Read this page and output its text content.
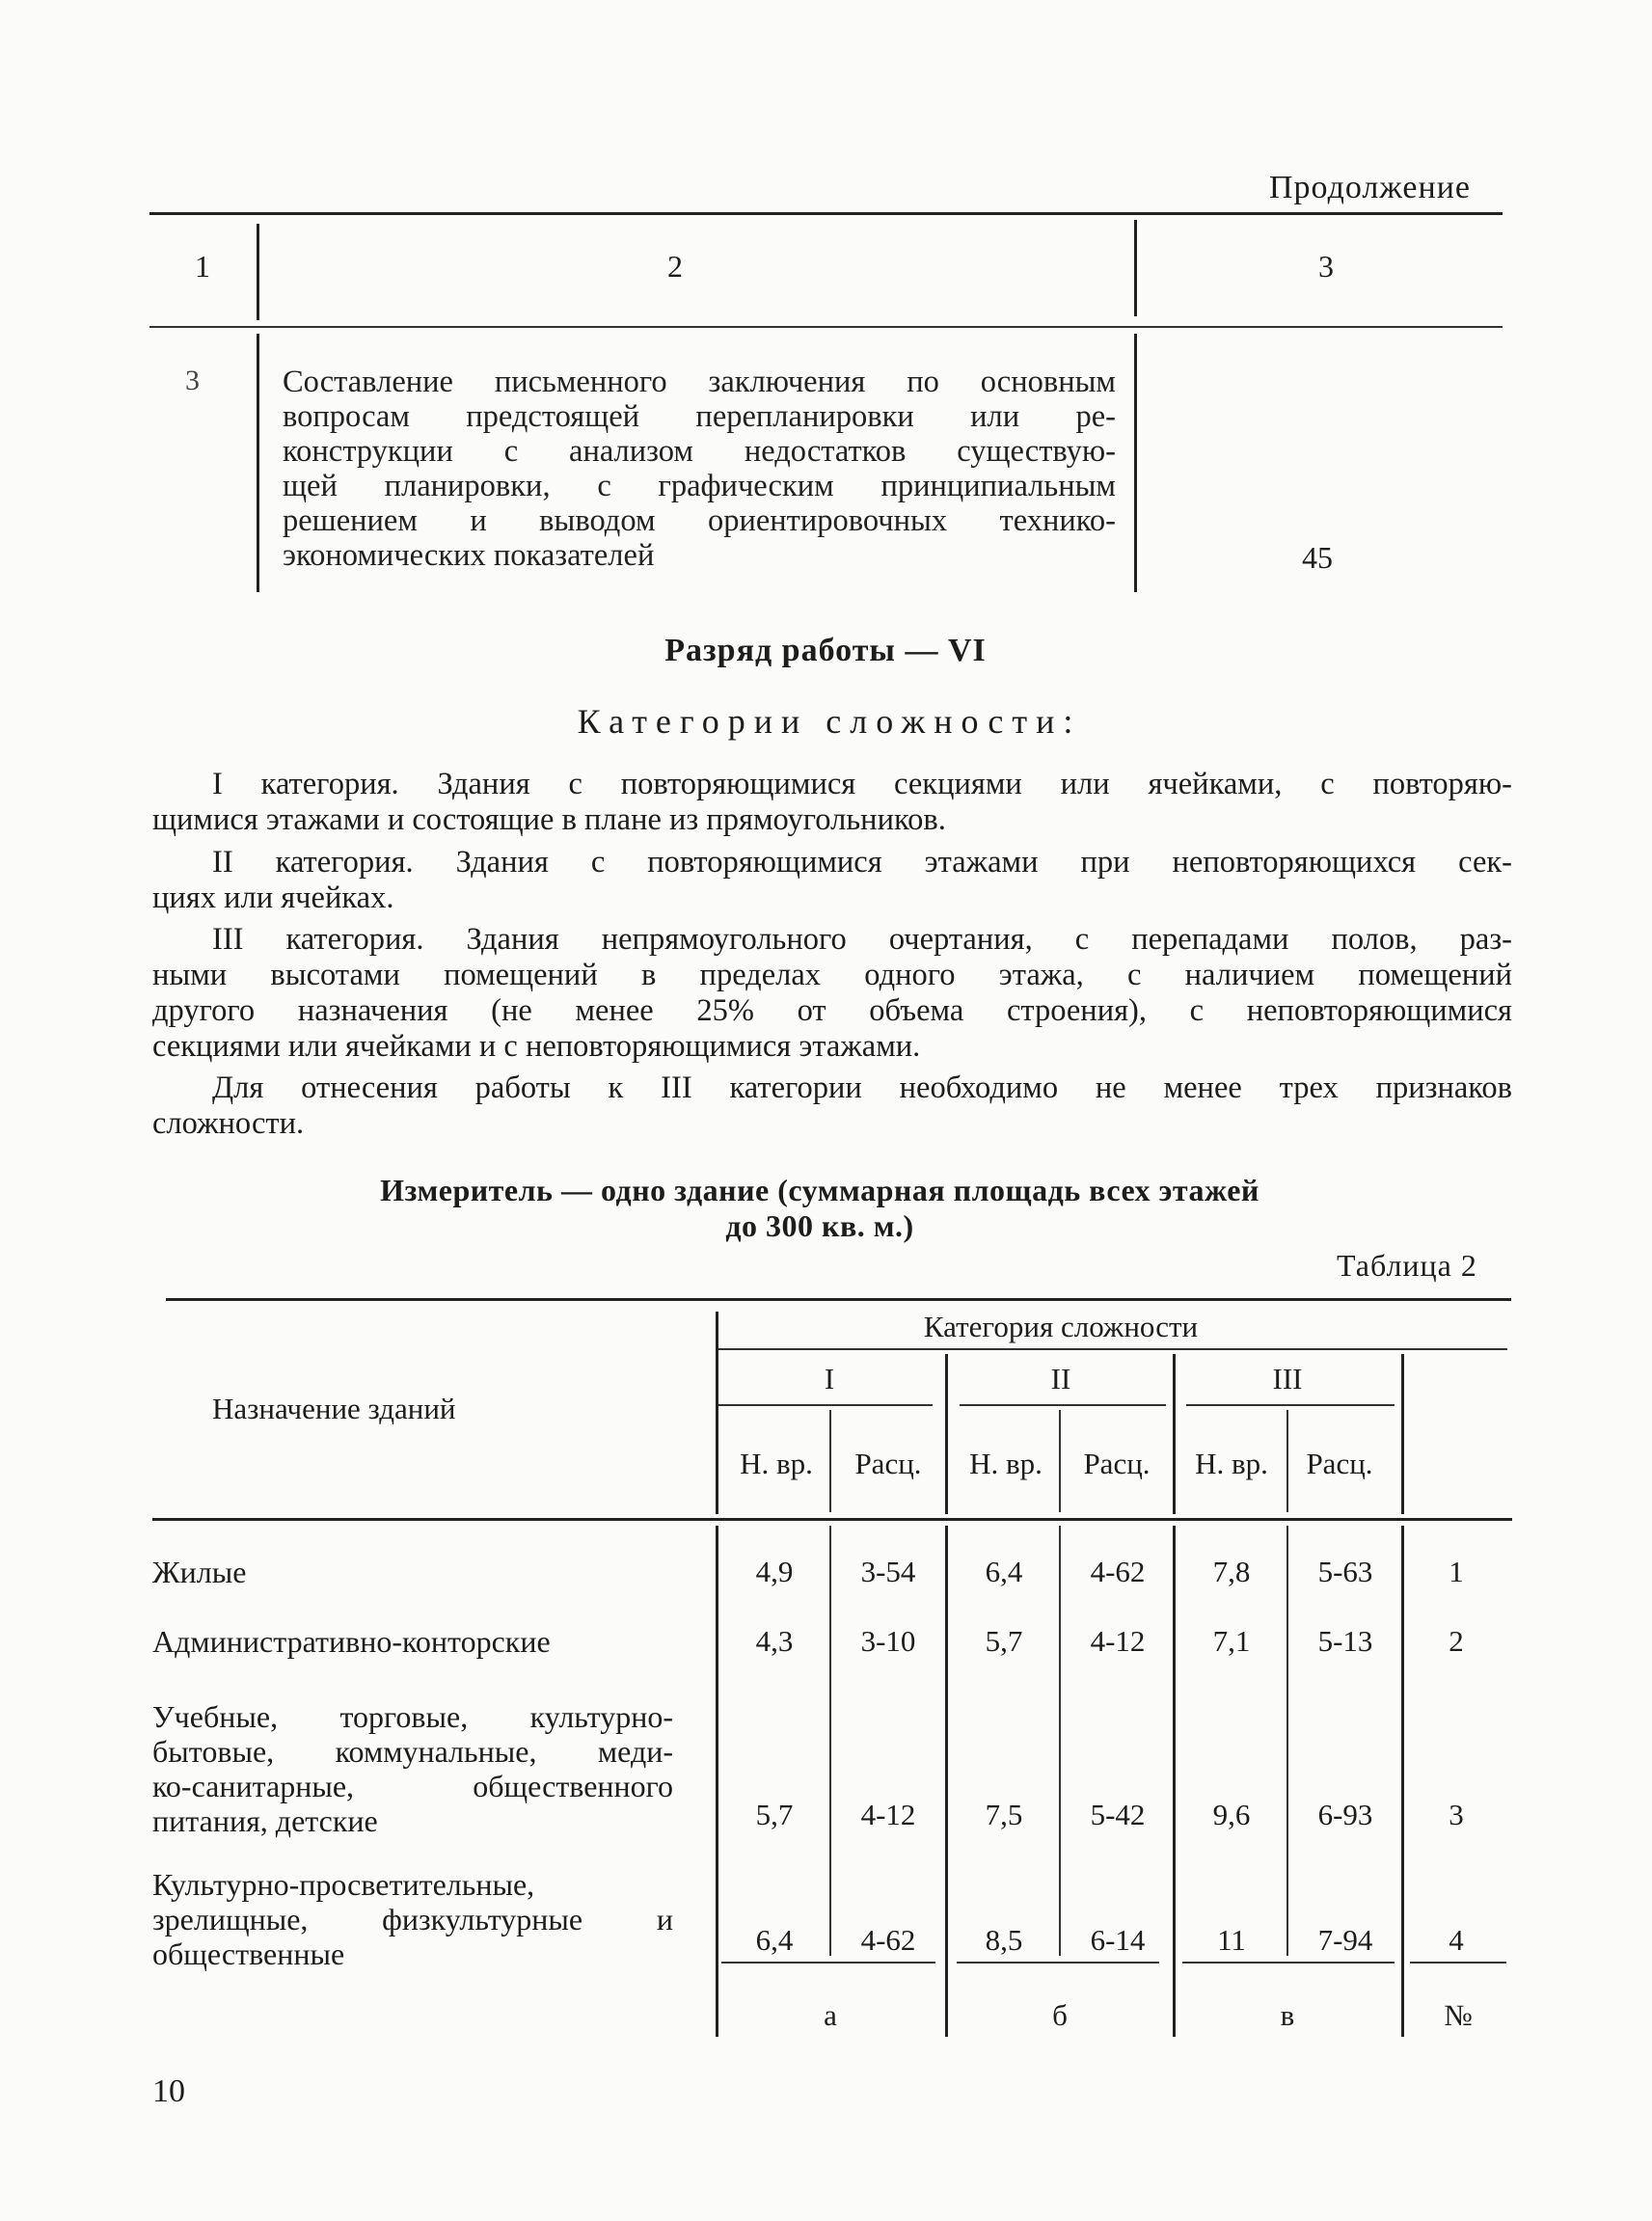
Продолжение
1	2	3
3	Составление письменного заключения по основным
вопросам предстоящей перепланировки или ре-
конструкции с анализом недостатков существую-
щей планировки, с графическим принципиальным
решением и выводом ориентировочных технико-
экономических показателей	45
Разряд работы — VI
Категории сложности:
I категория. Здания с повторяющимися секциями или ячейками, с повторяю-
щимися этажами и состоящие в плане из прямоугольников.
II категория. Здания с повторяющимися этажами при неповторяющихся сек-
циях или ячейках.
III категория. Здания непрямоугольного очертания, с перепадами полов, раз-
ными высотами помещений в пределах одного этажа, с наличием помещений
другого назначения (не менее 25% от объема строения), с неповторяющимися
секциями или ячейками и с неповторяющимися этажами.
Для отнесения работы к III категории необходимо не менее трех признаков
сложности.
Измеритель — одно здание (суммарная площадь всех этажей
до 300 кв. м.)
Таблица 2
Назначение зданий
Категория сложности
I	II	III
Н. вр.	Расц.	Н. вр.	Расц.	Н. вр.	Расц.
Жилые	4,9	3-54	6,4	4-62	7,8	5-63	1
Административно-конторские	4,3	3-10	5,7	4-12	7,1	5-13	2
Учебные, торговые, культурно-
бытовые, коммунальные, меди-
ко-санитарные, общественного
питания, детские	5,7	4-12	7,5	5-42	9,6	6-93	3
Культурно-просветительные,
зрелищные, физкультурные и
общественные	6,4	4-62	8,5	6-14	11	7-94	4
а	б	в	№
10
